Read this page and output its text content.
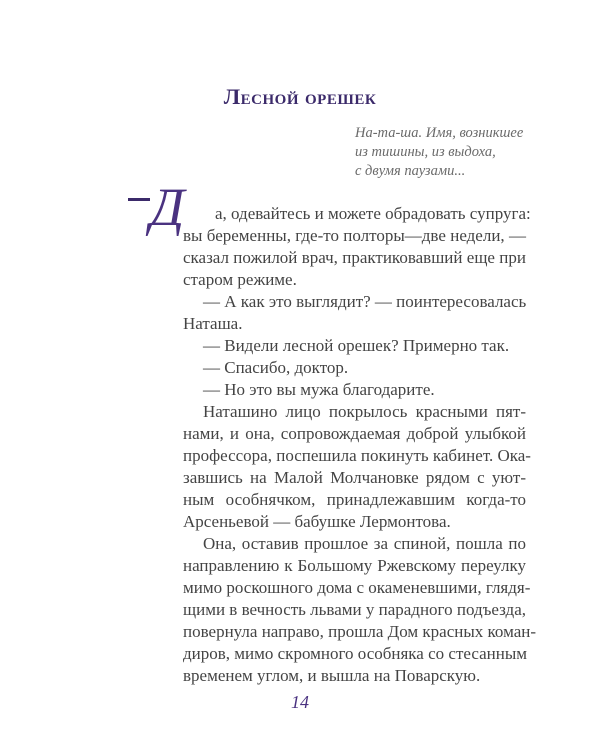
Лесной орешек
На-та-ша. Имя, возникшее
из тишины, из выдоха,
с двумя паузами...
Д	а, одевайтесь и можете обрадовать супруга:
вы беременны, где-то полторы—две недели, —
сказал пожилой врач, практиковавший еще при
старом режиме.
— А как это выглядит? — поинтересовалась
Наташа.
— Видели лесной орешек? Примерно так.
— Спасибо, доктор.
— Но это вы мужа благодарите.
Наташино лицо покрылось красными пят-
нами, и она, сопровождаемая доброй улыбкой
профессора, поспешила покинуть кабинет. Ока-
завшись на Малой Молчановке рядом с уют-
ным особнячком, принадлежавшим когда-то
Арсеньевой — бабушке Лермонтова.
Она, оставив прошлое за спиной, пошла по
направлению к Большому Ржевскому переулку
мимо роскошного дома с окаменевшими, глядя-
щими в вечность львами у парадного подъезда,
повернула направо, прошла Дом красных коман-
диров, мимо скромного особняка со стесанным
временем углом, и вышла на Поварскую.
14
